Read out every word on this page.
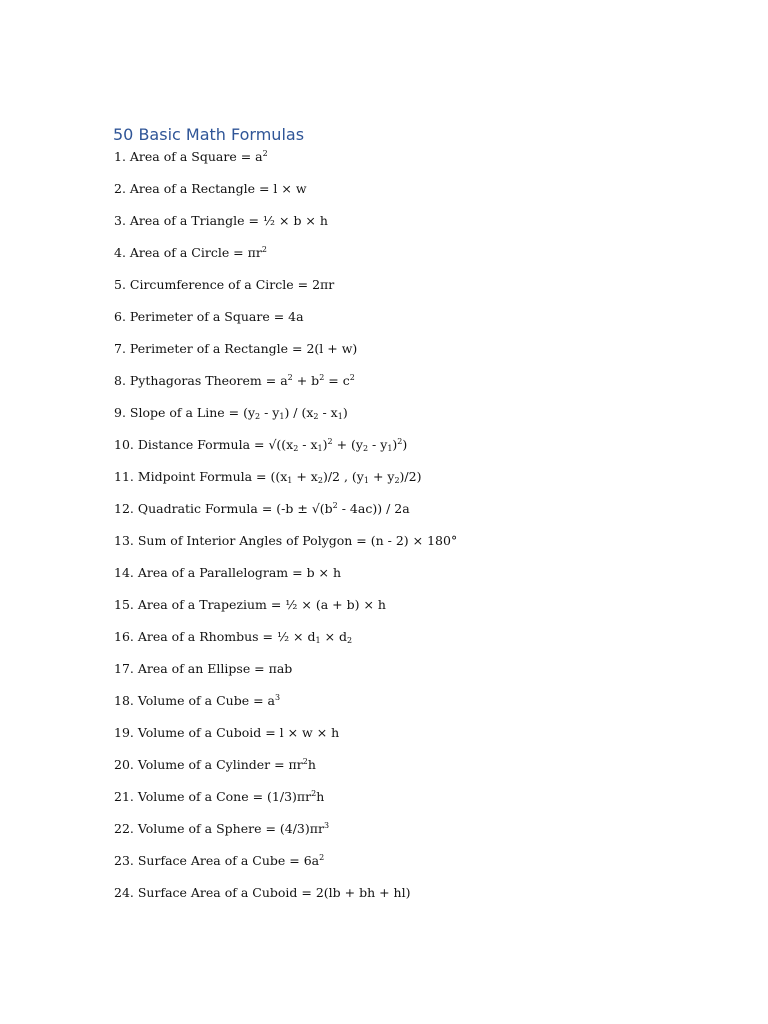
50 Basic Math Formulas
1. Area of a Square = $a^2$
2. Area of a Rectangle = l × w
3. Area of a Triangle = ½ × b × h
4. Area of a Circle = $\pi r^2$
5. Circumference of a Circle = 2πr
6. Perimeter of a Square = 4a
7. Perimeter of a Rectangle = 2(l + w)
8. Pythagoras Theorem = $a^2 + b^2 = c^2$
9. Slope of a Line = $(y_2 - y_1) / (x_2 - x_1)$
10. Distance Formula = $√((x_2 - x_1)^2 + (y_2 - y_1)^2)$
11. Midpoint Formula = ($(x_1 + x_2)/2$ , $(y_1 + y_2)/2$)
12. Quadratic Formula = $(-b \pm √(b^2 - 4ac)) / 2a$
13. Sum of Interior Angles of Polygon = (n - 2) × 180°
14. Area of a Parallelogram = b × h
15. Area of a Trapezium = ½ × (a + b) × h
16. Area of a Rhombus = ½ × $d_1 \times d_2$
17. Area of an Ellipse = πab
18. Volume of a Cube = $a^3$
19. Volume of a Cuboid = l × w × h
20. Volume of a Cylinder = $\pi r^2h$
21. Volume of a Cone = $(1/3)\pi r^2h$
22. Volume of a Sphere = $(4/3)\pi r^3$
23. Surface Area of a Cube = $6a^2$
24. Surface Area of a Cuboid = 2(lb + bh + hl)
